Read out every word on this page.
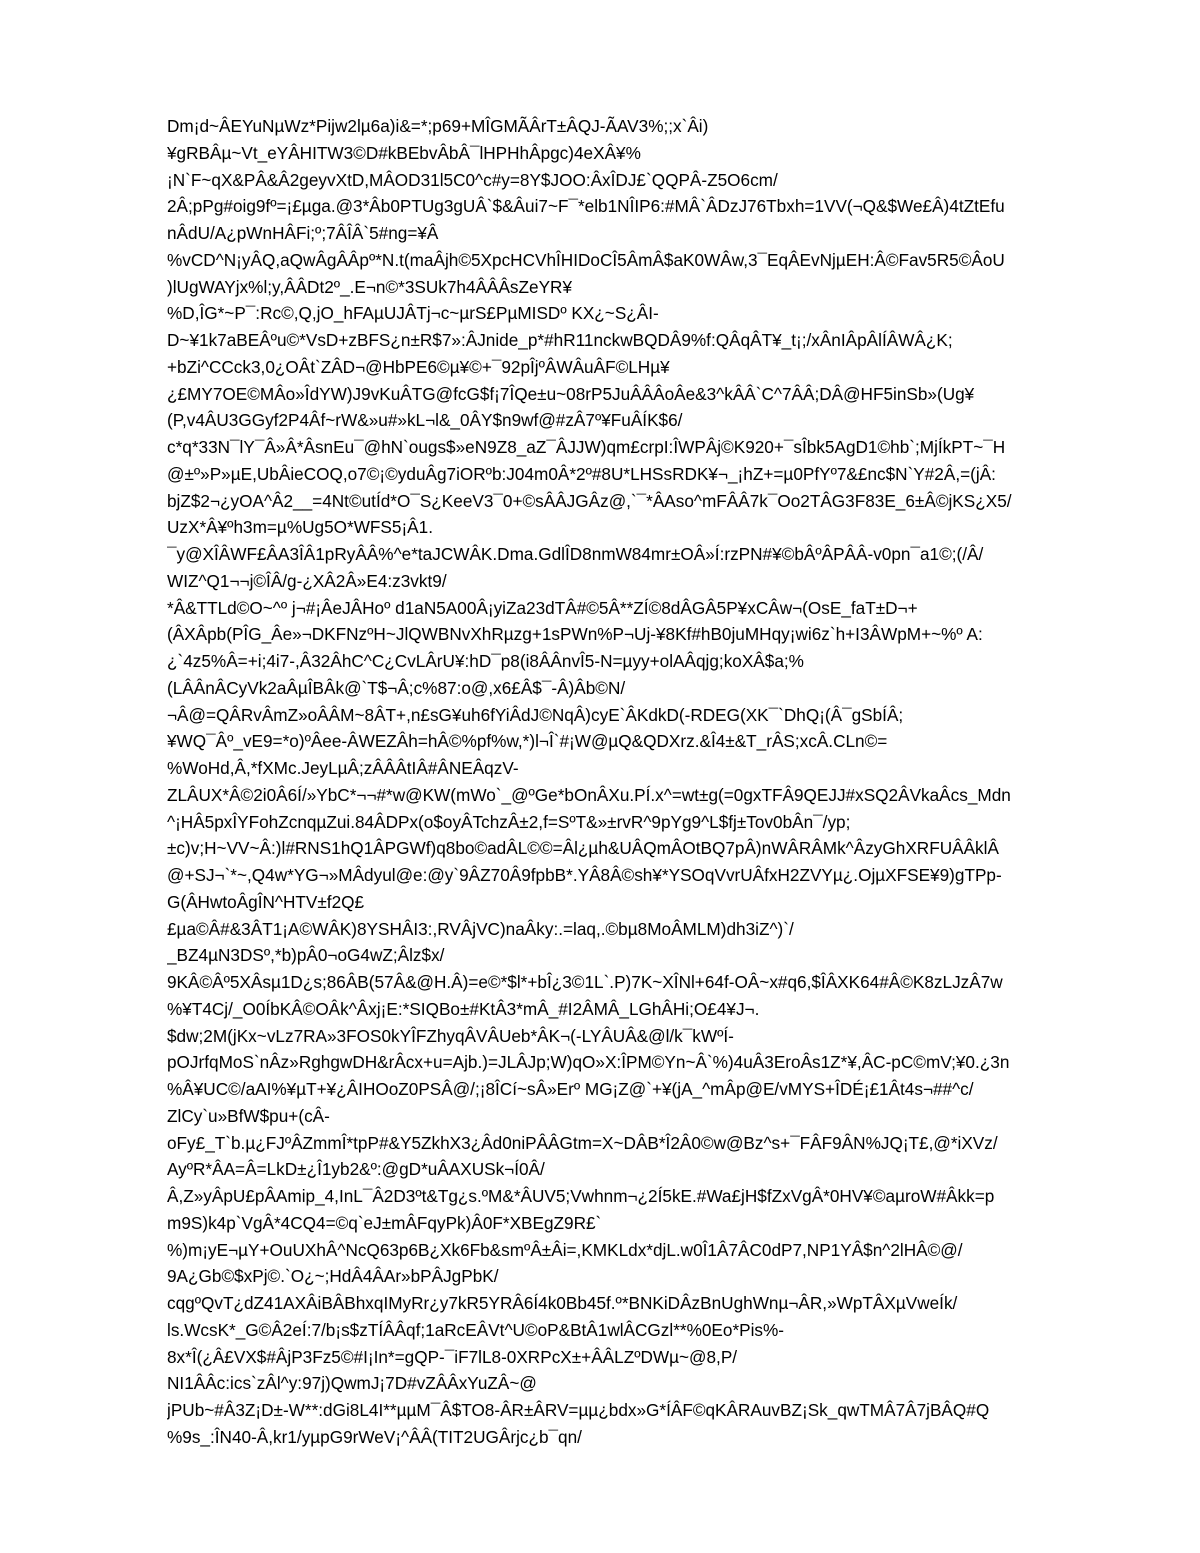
Dm¡d~ÂEYuNµWz*Pijw2lµ6a)i&=*;p69+MÎGMÃÂrT±ÂQJ-ÃAV3%;;x`Âi)
¥gRBÂµ~Vt_eYÂHITW3©D#kBEbvÂbÂ¯lHPHhÂpgc)4eXÂ¥%
¡N`F~qX&PÂ&Â2geyvXtD,MÂOD31l5C0^c#y=8Y$JOO:ÂxÎDJ£`QQPÂ-Z5O6cm/
2Â;pPg#oig9fº=¡£µga.@3*Âb0PTUg3gUÂ`$&Âui7~F¯*elb1NÎIP6:#MÂ`ÂDzJ76Tbxh=1VV(¬Q&$We£Â)4tZtEfu
nÂdU/A¿pWnHÂFi;º;7ÂÎÂ`5#ng=¥Â
%vCD^N¡yÂQ,aQwÂgÂÂpº*N.t(maÂjh©5XpcHCVhÎHIDoCÎ5ÂmÂ$aK0WÂw,3¯EqÂEvNjµEH:Â©Fav5R5©ÂoU
)lUgWAYjx%l;y,ÂÂDt2º_.E¬n©*3SUk7h4ÂÂÂsZeYR¥
%D,ÎG*~P¯:Rc©,Q,jO_hFAµUJÂTj¬c~µrS£PµMISDº KX¿~S¿ÂI-
D~¥1k7aBEÂºu©*VsD+zBFS¿n±R$7»:ÂJnide_p*#hR11nckwBQDÂ9%f:QÂqÂT¥_t¡;/xÂnIÂpÂlÍÂWÂ¿K;
+bZi^CCck3,0¿OÂt`ZÂD¬@HbPE6©µ¥©+¯92pÎjºÂWÂuÂF©LHµ¥
¿£MY7OE©MÂo»ÎdYW)J9vKuÂTG@fcG$f¡7ÎQe±u~08rP5JuÂÂÂoÂe&3^kÂÂ`C^7ÂÂ;DÂ@HF5inSb»(Ug¥
(P,v4ÂU3GGyf2P4Âf~rW&»u#»kL¬l&_0ÂY$n9wf@#zÂ7º¥FuÂÍK$6/
c*q*33N¯lY¯Â»Â*ÂsnEu¯@hN`ougs$»eN9Z8_aZ¯ÂJJW)qm£crpI:ÎWPÂj©K920+¯sÎbk5AgD1©hb`;MjÍkPT~¯H
@±º»P»µE,UbÂieCOQ,o7©¡©yduÂg7iORºb:J04m0Â*2º#8U*LHSsRDK¥¬_¡hZ+=µ0PfYº7&£nc$N`Y#2Â,=(jÂ:
bjZ$2¬¿yOA^Â2__=4Nt©utÍd*O¯S¿KeeV3¯0+©sÂÂJGÂz@,`¯*ÂAso^mFÂÂ7k¯Oo2TÂG3F83E_6±Â©jKS¿X5/
UzX*Â¥ºh3m=µ%Ug5O*WFS5¡Â1.
¯y@XÎÂWF£ÂA3ÎÂ1pRyÂÂ%^e*taJCWÂK.Dma.GdlÎD8nmW84mr±OÂ»Í:rzPN#¥©bÂºÂPÂÂ-v0pn¯a1©;(/Â/
WIZ^Q1¬¬j©ÎÂ/g-¿XÂ2Â»E4:z3vkt9/
*Â&TTLd©O~^º j¬#¡ÂeJÂHoº d1aN5A00Â¡yiZa23dTÂ#©5Â**ZÍ©8dÂGÂ5P¥xCÂw¬(OsE_faT±D¬+
(ÂXÂpb(PÎG_Âe»¬DKFNzºH~JlQWBNvXhRµzg+1sPWn%P¬Uj-¥8Kf#hB0juMHqy¡wi6z`h+I3ÂWpM+~%º A:
¿`4z5%Â=+i;4i7-,Â32ÂhC^C¿CvLÂrU¥:hD¯p8(i8ÂÂnvÎ5-N=µyy+olAÂqjg;koXÂ$a;%
(LÂÂnÂCyVk2aÂµÎBÂk@`T$¬Â;c%87:o@,x6£Â$¯-Â)Âb©N/
¬Â@=QÂRvÂmZ»oÂÂM~8ÂT+,n£sG¥uh6fYiÂdJ©NqÂ)cyE`ÂKdkD(-RDEG(XK¯`DhQ¡(Â¯gSbÍÂ;
¥WQ¯Âº_vE9=*o)ºÂee-ÂWEZÂh=hÂ©%pf%w,*)l¬Î`#¡W@µQ&QDXrz.&Î4±&T_rÂS;xcÂ.CLn©=
%WoHd,Â,*fXMc.JeyLµÂ;zÂÂÂtIÂ#ÂNEÂqzV-
ZLÂUX*Â©2i0Â6Í/»YbC*¬¬#*w@KW(mWo`_@ºGe*bOnÂXu.PÍ.x^=wt±g(=0gxTFÂ9QEJJ#xSQ2ÂVkaÂcs_Mdn
^¡HÂ5pxÎYFohZcnqµZui.84ÂDPx(o$oyÂTchzÂ±2,f=SºT&»±rvR^9pYg9^L$fj±Tov0bÂn¯/yp;
±c)v;H~VV~Â:)l#RNS1hQ1ÂPGWf)q8bo©adÂL©©=Âl¿µh&UÂQmÂOtBQ7pÂ)nWÂRÂMk^ÂzyGhXRFUÂÂklÂ
@+SJ¬`*~,Q4w*YG¬»MÂdyul@e:@y`9ÂZ70Â9fpbB*.YÂ8Â©sh¥*YSOqVvrUÂfxH2ZVYµ¿.OjµXFSE¥9)gTPp-
G(ÂHwtoÂgÎN^HTV±f2Q£
£µa©Â#&3ÂT1¡A©WÂK)8YSHÂI3:,RVÂjVC)naÂky:.=laq,.©bµ8MoÂMLM)dh3iZ^)`/
_BZ4µN3DSº,*b)pÂ0¬oG4wZ;Âlz$x/
9KÂ©Âº5XÂsµ1D¿s;86ÂB(57Â&@H.Â)=e©*$l*+bÎ¿3©1L`.P)7K~XÎNl+64f-OÂ~x#q6,$ÎÂXK64#Â©K8zLJzÂ7w
%¥T4Cj/_O0ÍbKÂ©OÂk^Âxj¡E:*SIQBo±#KtÂ3*mÂ_#I2ÂMÂ_LGhÂHi;O£4¥J¬.
$dw;2M(jKx~vLz7RA»3FOS0kYÎFZhyqÂVÂUeb*ÂK¬(-LYÂUÂ&@l/k¯kWºÍ-
pOJrfqMoS`nÂz»RghgwDH&rÂcx+u=Ajb.)=JLÂJp;W)qO»X:ÎPM©Yn~Â`%)4uÂ3EroÂs1Z*¥,ÂC-pC©mV;¥0.¿3n
%Â¥UC©/aAI%¥µT+¥¿ÂIHOoZ0PSÂ@/;¡8ÎCí~sÂ»Erº MG¡Z@`+¥(jA_^mÂp@E/vMYS+ÎDÉ¡£1Ât4s¬##^c/
ZlCy`u»BfW$pu+(cÂ-
oFy£_T`b.µ¿FJºÂZmmÎ*tpP#&Y5ZkhX3¿Âd0niPÂÂGtm=X~DÂB*Î2Â0©w@Bz^s+¯FÂF9ÂN%JQ¡T£,@*iXVz/
AyºR*ÂA=Â=LkD±¿Î1yb2&º:@gD*uÂAXUSk¬Í0Â/
Â,Z»yÂpU£pÂAmip_4,InL¯Â2D3ºt&Tg¿s.ºM&*ÂUV5;Vwhnm¬¿2Í5kE.#Wa£jH$fZxVgÂ*0HV¥©aµroW#Âkk=p
m9S)k4p`VgÂ*4CQ4=©q`eJ±mÂFqyPk)Â0F*XBEgZ9R£`
%)m¡yE¬µY+OuUXhÂ^NcQ63p6B¿Xk6Fb&smºÂ±Âi=,KMKLdx*djL.w0Î1Â7ÂC0dP7,NP1YÂ$n^2lHÂ©@/
9A¿Gb©$xPj©.`O¿~;HdÂ4ÂAr»bPÂJgPbK/
cqgºQvT¿dZ41AXÂiBÂBhxqIMyRr¿y7kR5YRÂ6Í4k0Bb45f.º*BNKiDÂzBnUghWnµ¬ÂR,»WpTÂXµVweÍk/
ls.WcsK*_G©Â2eÍ:7/b¡s$zTÍÂÂqf;1aRcEÂVt^U©oP&BtÂ1wlÂCGzl**%0Eo*Pis%-
8x*Î(¿Â£VX$#ÂjP3Fz5©#I¡In*=gQP-¯iF7lL8-0XRPcX±+ÂÂLZºDWµ~@8,P/
NI1ÂÂc:ics`zÂl^y:97j)QwmJ¡7D#vZÂÂxYuZÂ~@
jPUb~#Â3Z¡D±-W**:dGi8L4I**µµM¯Â$TO8-ÂR±ÂRV=µµ¿bdx»G*ÍÂF©qKÂRAuvBZ¡Sk_qwTMÂ7Â7jBÂQ#Q
%9s_:ÎN40-Â,kr1/yµpG9rWeV¡^ÂÂ(TIT2UGÂrjc¿b¯qn/
